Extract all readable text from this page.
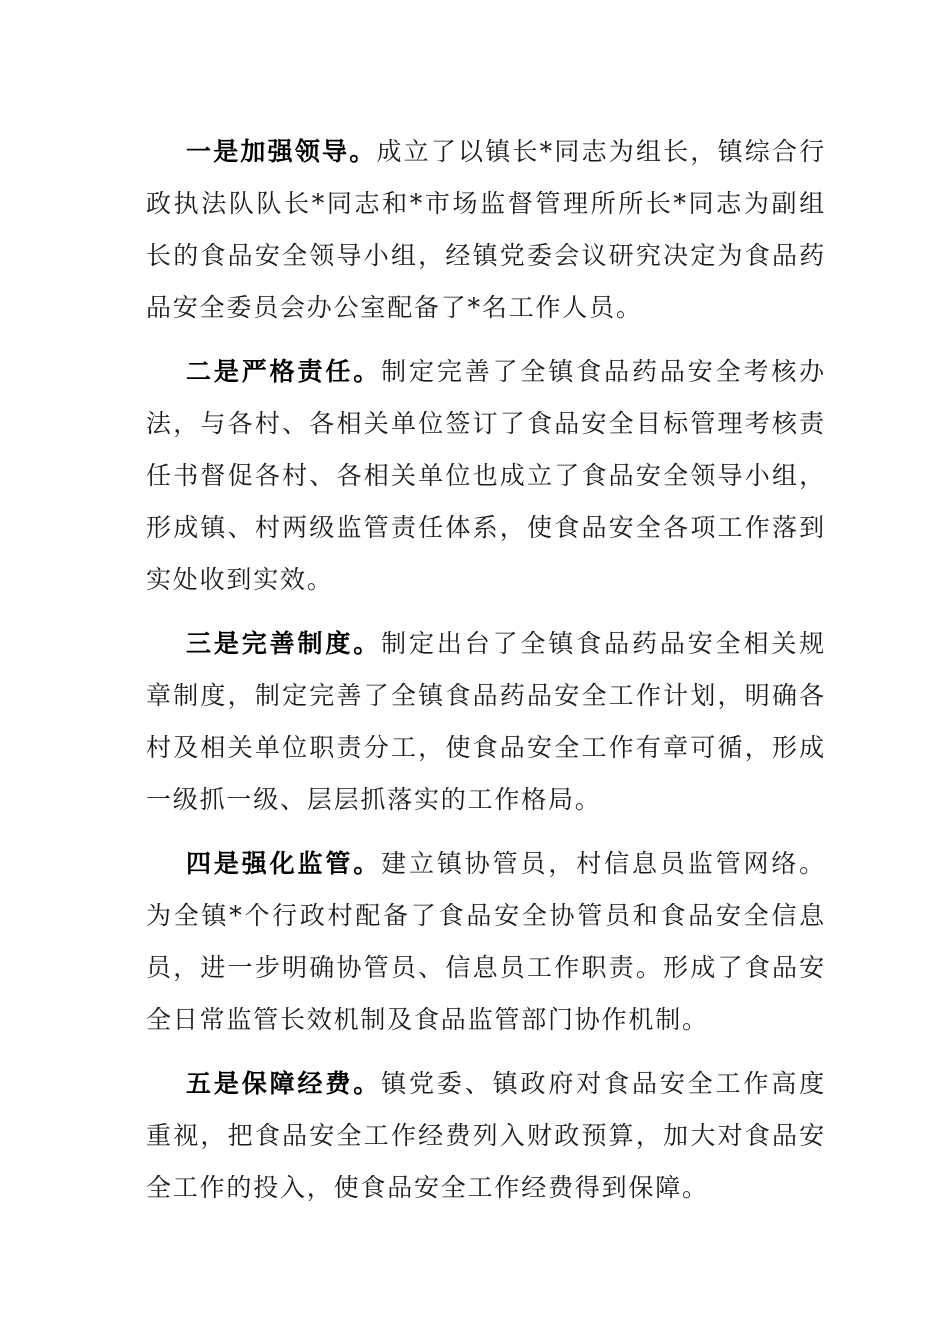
一是加强领导。成立了以镇长*同志为组长，镇综合行政执法队队长*同志和*市场监督管理所所长*同志为副组长的食品安全领导小组，经镇党委会议研究决定为食品药品安全委员会办公室配备了*名工作人员。

二是严格责任。制定完善了全镇食品药品安全考核办法，与各村、各相关单位签订了食品安全目标管理考核责任书督促各村、各相关单位也成立了食品安全领导小组，形成镇、村两级监管责任体系，使食品安全各项工作落到实处收到实效。

三是完善制度。制定出台了全镇食品药品安全相关规章制度，制定完善了全镇食品药品安全工作计划，明确各村及相关单位职责分工，使食品安全工作有章可循，形成一级抓一级、层层抓落实的工作格局。

四是强化监管。建立镇协管员，村信息员监管网络。为全镇*个行政村配备了食品安全协管员和食品安全信息员，进一步明确协管员、信息员工作职责。形成了食品安全日常监管长效机制及食品监管部门协作机制。

五是保障经费。镇党委、镇政府对食品安全工作高度重视，把食品安全工作经费列入财政预算，加大对食品安全工作的投入，使食品安全工作经费得到保障。
